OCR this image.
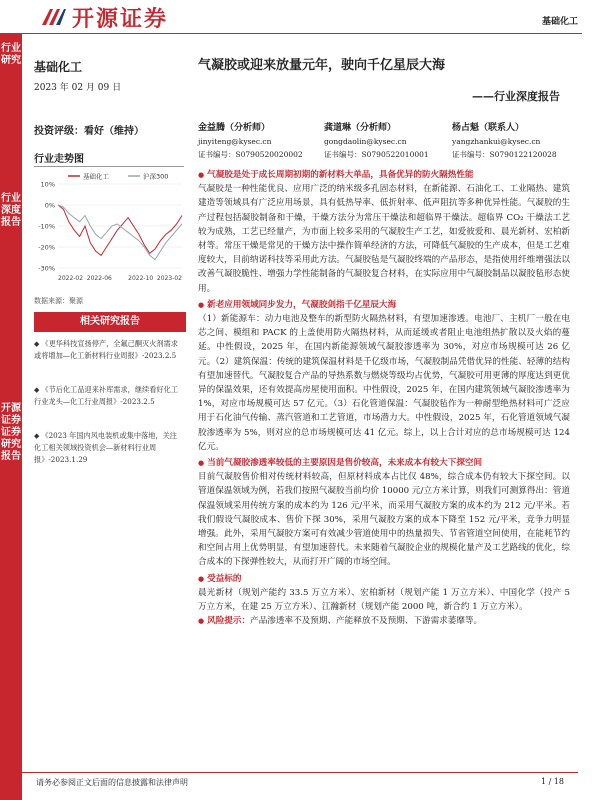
开源证券	基础化工
行业研究
行业深度报告
开源证券 证券研究报告
基础化工
2023 年 02 月 09 日
投资评级：看好（维持）
行业走势图
基础化工	沪深300
10%
0%
-10%
-20%
-30%
2022-02 2022-06	2022-10 2023-02
数据来源：聚源
相关研究报告
◆ 《更华科技宣扬停产，全氟己酮灭火剂需求或将增加—化工新材料行业周报》-2023.2.5
◆ 《节后化工品迎来补库需求，继续看好化工行业龙头—化工行业周报》-2023.2.5
◆ 《2023 年国内风电装机或集中落地，关注化工相关领域投资机会—新材料行业周报》-2023.1.29
气凝胶或迎来放量元年，驶向千亿星辰大海
——行业深度报告
金益腾（分析师）
jinyiteng@kysec.cn
证书编号：S0790520020002
龚道琳（分析师）
gongdaolin@kysec.cn
证书编号：S0790522010001
杨占魁（联系人）
yangzhankui@kysec.cn
证书编号：S0790122120028
● 气凝胶是处于成长周期初期的新材料大单品，具备优异的防火隔热性能
气凝胶是一种性能优良、应用广泛的纳米级多孔固态材料，在新能源、石油化工、工业隔热、建筑建造等领域具有广泛应用场景，具有低热导率、低折射率、低声阻抗等多种优异性能。气凝胶的生产过程包括凝胶制备和干燥，干燥方法分为常压干燥法和超临界干燥法。超临界 CO₂ 干燥法工艺较为成熟，工艺已经量产，为市面上较多采用的气凝胶生产工艺，如爱彼爱和、晨光新材、宏柏新材等。常压干燥是常见的干燥方法中操作简单经济的方法，可降低气凝胶的生产成本，但是工艺难度较大，目前纳诺科技等采用此方法。气凝胶毡是气凝胶终端的产品形态，是指使用纤维增强法以改善气凝胶脆性、增强力学性能制备的气凝胶复合材料，在实际应用中气凝胶制品以凝胶毡形态使用。
● 新老应用领域同步发力，气凝胶剑指千亿星辰大海
（1）新能源车：动力电池及整车的新型防火隔热材料，有望加速渗透。电池厂、主机厂一般在电芯之间、模组和 PACK 的上盖使用防火隔热材料，从而延缓或者阻止电池组热扩散以及火焰的蔓延。中性假设，2025 年，在国内新能源领域气凝胶渗透率为 30%，对应市场规模可达 26 亿元。（2）建筑保温：传统的建筑保温材料是千亿级市场，气凝胶制品凭借优异的性能、轻薄的结构有望加速替代。气凝胶复合产品的导热系数与燃烧等级均占优势，气凝胶可用更薄的厚度达到更优异的保温效果，还有效提高房屋使用面积。中性假设，2025 年，在国内建筑领域气凝胶渗透率为 1%，对应市场规模可达 57 亿元。（3）石化管道保温：气凝胶毡作为一种耐型绝热材料可广泛应用于石化油气传输、蒸汽管道和工艺管道，市场潜力大。中性假设，2025 年，石化管道领域气凝胶渗透率为 5%，则对应的总市场规模可达 41 亿元。综上，以上合计对应的总市场规模可达 124 亿元。
● 当前气凝胶渗透率较低的主要原因是售价较高，未来成本有较大下探空间
目前气凝胶售价相对传统材料较高，但原材料成本占比仅 48%，综合成本仍有较大下探空间。以管道保温领域为例，若我们按照气凝胶当前均价 10000 元/立方米计算，则我们可测算得出：管道保温领域采用传统方案的成本约为 126 元/平米，而采用气凝胶方案的成本约为 212 元/平米。若我们假设气凝胶成本、售价下探 30%，采用气凝胶方案的成本下降至 152 元/平米，竞争力明显增强。此外，采用气凝胶方案可有效减少管道使用中的热量损失、节省管道空间使用，在能耗节约和空间占用上优势明显，有望加速替代。未来随着气凝胶企业的规模化量产及工艺路线的优化，综合成本的下探弹性较大，从而打开广阔的市场空间。
● 受益标的
晨光新材（规划产能约 33.5 万立方米）、宏柏新材（规划产能 1 万立方米）、中国化学（投产 5 万立方米，在建 25 万立方米）、江瀚新材（规划产能 2000 吨，新合约 1 万立方米）。
● 风险提示：产品渗透率不及预期、产能释放不及预期、下游需求萎靡等。
请务必参阅正文后面的信息披露和法律声明	1 / 18
